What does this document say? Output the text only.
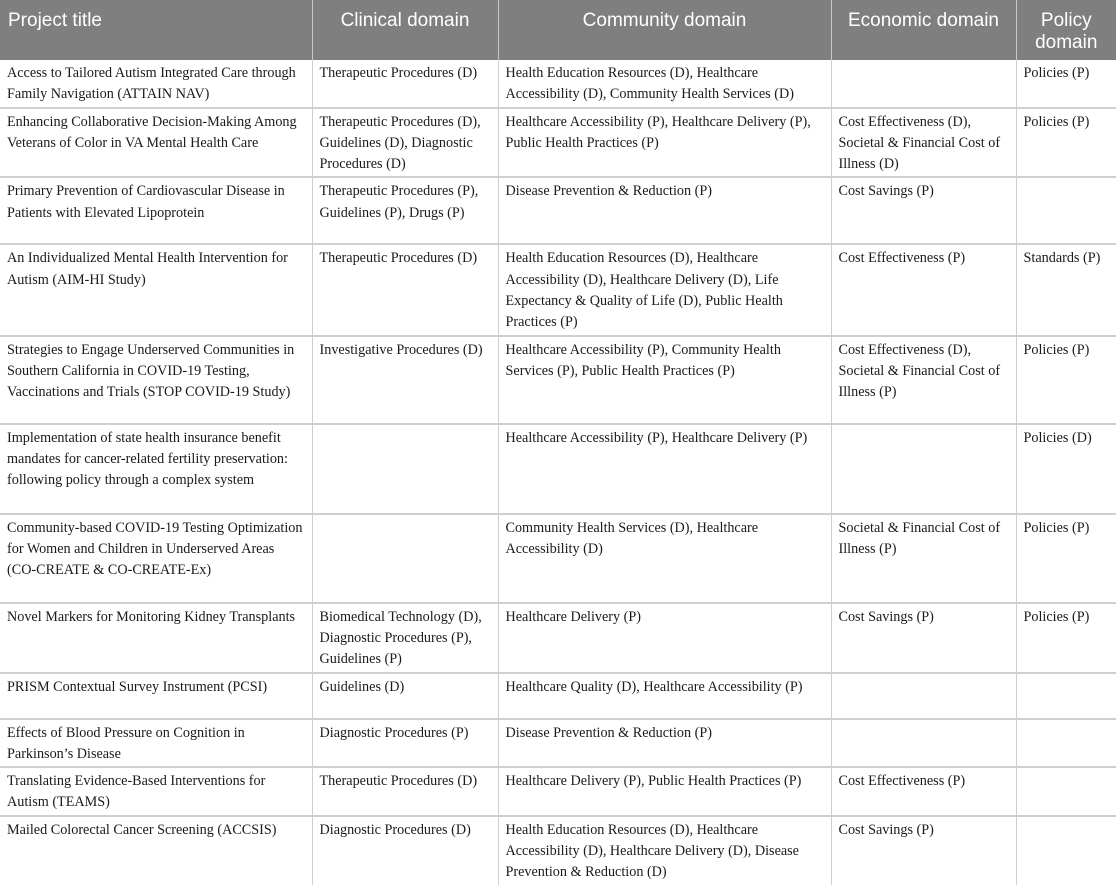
Project title	Clinical domain	Community domain	Economic domain	Policy domain
Access to Tailored Autism Integrated Care through Family Navigation (ATTAIN NAV)	Therapeutic Procedures (D)	Health Education Resources (D), Healthcare Accessibility (D), Community Health Services (D)		Policies (P)
Enhancing Collaborative Decision-Making Among Veterans of Color in VA Mental Health Care	Therapeutic Procedures (D), Guidelines (D), Diagnostic Procedures (D)	Healthcare Accessibility (P), Healthcare Delivery (P), Public Health Practices (P)	Cost Effectiveness (D), Societal & Financial Cost of Illness (D)	Policies (P)
Primary Prevention of Cardiovascular Disease in Patients with Elevated Lipoprotein	Therapeutic Procedures (P), Guidelines (P), Drugs (P)	Disease Prevention & Reduction (P)	Cost Savings (P)	
An Individualized Mental Health Intervention for Autism (AIM-HI Study)	Therapeutic Procedures (D)	Health Education Resources (D), Healthcare Accessibility (D), Healthcare Delivery (D), Life Expectancy & Quality of Life (D), Public Health Practices (P)	Cost Effectiveness (P)	Standards (P)
Strategies to Engage Underserved Communities in Southern California in COVID-19 Testing, Vaccinations and Trials (STOP COVID-19 Study)	Investigative Procedures (D)	Healthcare Accessibility (P), Community Health Services (P), Public Health Practices (P)	Cost Effectiveness (D), Societal & Financial Cost of Illness (P)	Policies (P)
Implementation of state health insurance benefit mandates for cancer-related fertility preservation: following policy through a complex system		Healthcare Accessibility (P), Healthcare Delivery (P)		Policies (D)
Community-based COVID-19 Testing Optimization for Women and Children in Underserved Areas (CO-CREATE & CO-CREATE-Ex)		Community Health Services (D), Healthcare Accessibility (D)	Societal & Financial Cost of Illness (P)	Policies (P)
Novel Markers for Monitoring Kidney Transplants	Biomedical Technology (D), Diagnostic Procedures (P), Guidelines (P)	Healthcare Delivery (P)	Cost Savings (P)	Policies (P)
PRISM Contextual Survey Instrument (PCSI)	Guidelines (D)	Healthcare Quality (D), Healthcare Accessibility (P)		
Effects of Blood Pressure on Cognition in Parkinson’s Disease	Diagnostic Procedures (P)	Disease Prevention & Reduction (P)		
Translating Evidence-Based Interventions for Autism (TEAMS)	Therapeutic Procedures (D)	Healthcare Delivery (P), Public Health Practices (P)	Cost Effectiveness (P)	
Mailed Colorectal Cancer Screening (ACCSIS)	Diagnostic Procedures (D)	Health Education Resources (D), Healthcare Accessibility (D), Healthcare Delivery (D), Disease Prevention & Reduction (D)	Cost Savings (P)	
